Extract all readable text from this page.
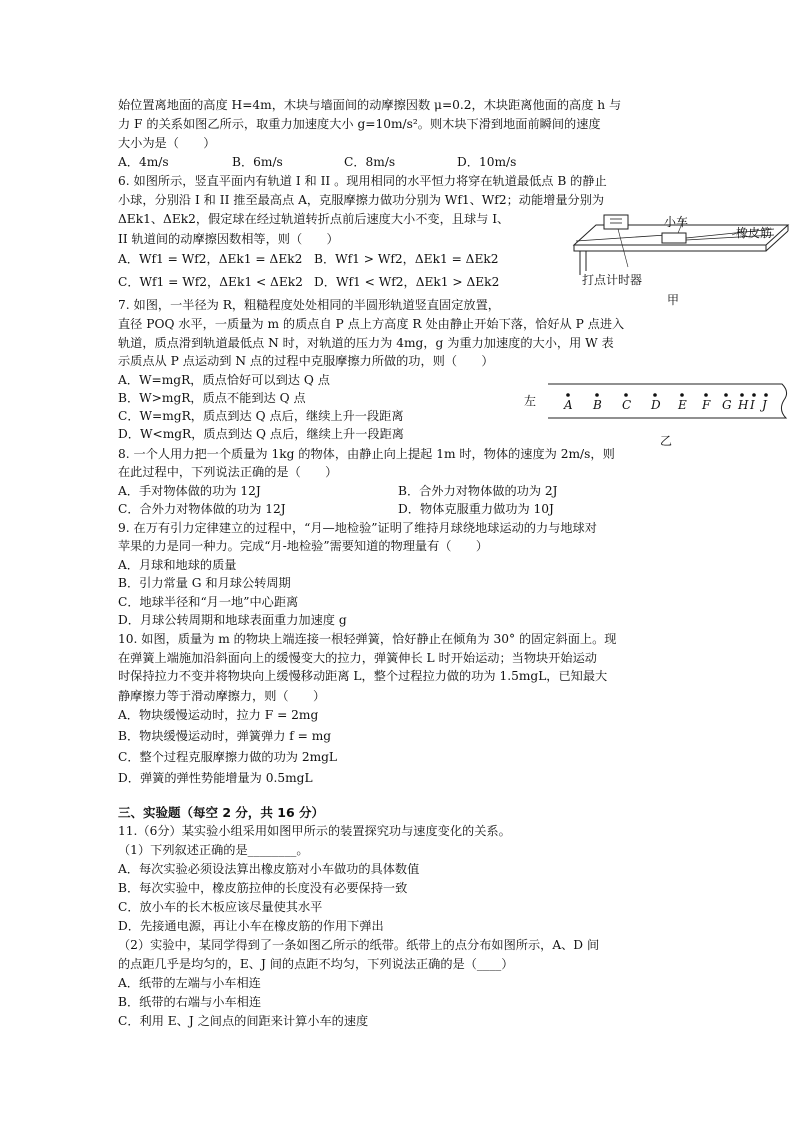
始位置离地面的高度 H=4m，木块与墙面间的动摩擦因数 μ=0.2，木块距离他面的高度 h 与
力 F 的关系如图乙所示，取重力加速度大小 g=10m/s²。则木块下滑到地面前瞬间的速度
大小为是（　　）
A．4m/s	B．6m/s	C．8m/s	D．10m/s
6. 如图所示，竖直平面内有轨道 I 和 II 。现用相同的水平恒力将穿在轨道最低点 B 的静止
小球，分别沿 I 和 II 推至最高点 A，克服摩擦力做功分别为 Wf1、Wf2；动能增量分别为
ΔEk1、ΔEk2，假定球在经过轨道转折点前后速度大小不变，且球与 I、
II 轨道间的动摩擦因数相等，则（　　）
A．Wf1 = Wf2，ΔEk1 = ΔEk2 B．Wf1 > Wf2，ΔEk1 = ΔEk2
C．Wf1 = Wf2，ΔEk1 < ΔEk2 D．Wf1 < Wf2，ΔEk1 > ΔEk2
小车
橡皮筋
打点计时器
甲
7. 如图，一半径为 R，粗糙程度处处相同的半圆形轨道竖直固定放置，
直径 POQ 水平，一质量为 m 的质点自 P 点上方高度 R 处由静止开始下落，恰好从 P 点进入
轨道，质点滑到轨道最低点 N 时，对轨道的压力为 4mg，g 为重力加速度的大小，用 W 表
示质点从 P 点运动到 N 点的过程中克服摩擦力所做的功，则（　　）
A．W=mgR，质点恰好可以到达 Q 点
B．W>mgR，质点不能到达 Q 点
C．W=mgR，质点到达 Q 点后，继续上升一段距离
D．W<mgR，质点到达 Q 点后，继续上升一段距离
左 A B C D E F G H I J
乙
8. 一个人用力把一个质量为 1kg 的物体，由静止向上提起 1m 时，物体的速度为 2m/s，则
在此过程中，下列说法正确的是（　　）
A．手对物体做的功为 12J	B．合外力对物体做的功为 2J
C．合外力对物体做的功为 12J	D．物体克服重力做功为 10J
9. 在万有引力定律建立的过程中，“月—地检验”证明了维持月球绕地球运动的力与地球对
苹果的力是同一种力。完成“月-地检验”需要知道的物理量有（　　）
A．月球和地球的质量
B．引力常量 G 和月球公转周期
C．地球半径和“月一地”中心距离
D．月球公转周期和地球表面重力加速度 g
10. 如图，质量为 m 的物块上端连接一根轻弹簧，恰好静止在倾角为 30° 的固定斜面上。现
在弹簧上端施加沿斜面向上的缓慢变大的拉力，弹簧伸长 L 时开始运动；当物块开始运动
时保持拉力不变并将物块向上缓慢移动距离 L，整个过程拉力做的功为 1.5mgL，已知最大
静摩擦力等于滑动摩擦力，则（　　）
A．物块缓慢运动时，拉力 F = 2mg
B．物块缓慢运动时，弹簧弹力 f = mg
C．整个过程克服摩擦力做的功为 2mgL
D．弹簧的弹性势能增量为 0.5mgL
三、实验题（每空 2 分，共 16 分）
11.（6分）某实验小组采用如图甲所示的装置探究功与速度变化的关系。
（1）下列叙述正确的是________。
A．每次实验必须设法算出橡皮筋对小车做功的具体数值
B．每次实验中，橡皮筋拉伸的长度没有必要保持一致
C．放小车的长木板应该尽量使其水平
D．先接通电源，再让小车在橡皮筋的作用下弹出
（2）实验中，某同学得到了一条如图乙所示的纸带。纸带上的点分布如图所示，A、D 间
的点距几乎是均匀的，E、J 间的点距不均匀，下列说法正确的是（____）
A．纸带的左端与小车相连
B．纸带的右端与小车相连
C．利用 E、J 之间点的间距来计算小车的速度
